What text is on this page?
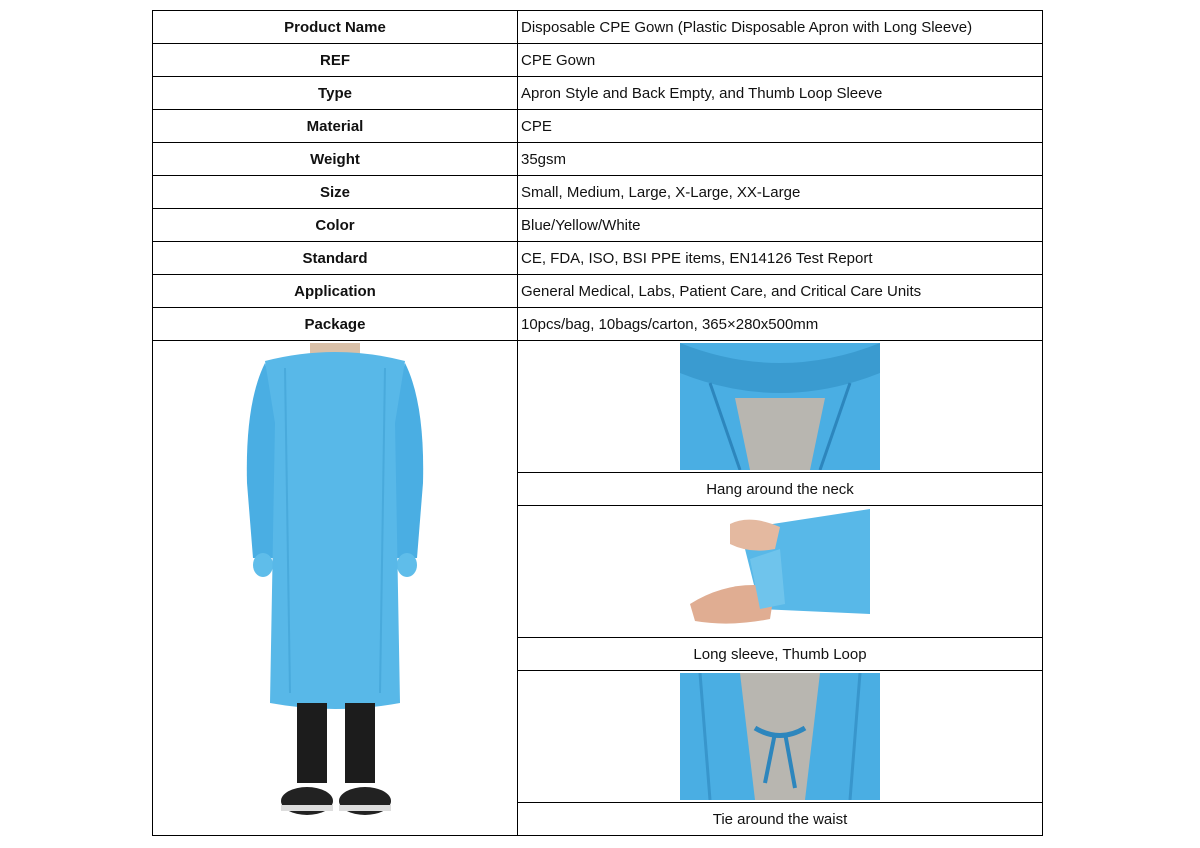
Product Name	Disposable CPE Gown (Plastic Disposable Apron with Long Sleeve)
REF	CPE Gown
Type	Apron Style and Back Empty, and Thumb Loop Sleeve
Material	CPE
Weight	35gsm
Size	Small, Medium, Large, X-Large, XX-Large
Color	Blue/Yellow/White
Standard	CE, FDA, ISO, BSI PPE items, EN14126 Test Report
Application	General Medical, Labs, Patient Care, and Critical Care Units
Package	10pcs/bag, 10bags/carton, 365×280x500mm

	Hang around the neck

	Long sleeve, Thumb Loop

	Tie around the waist
